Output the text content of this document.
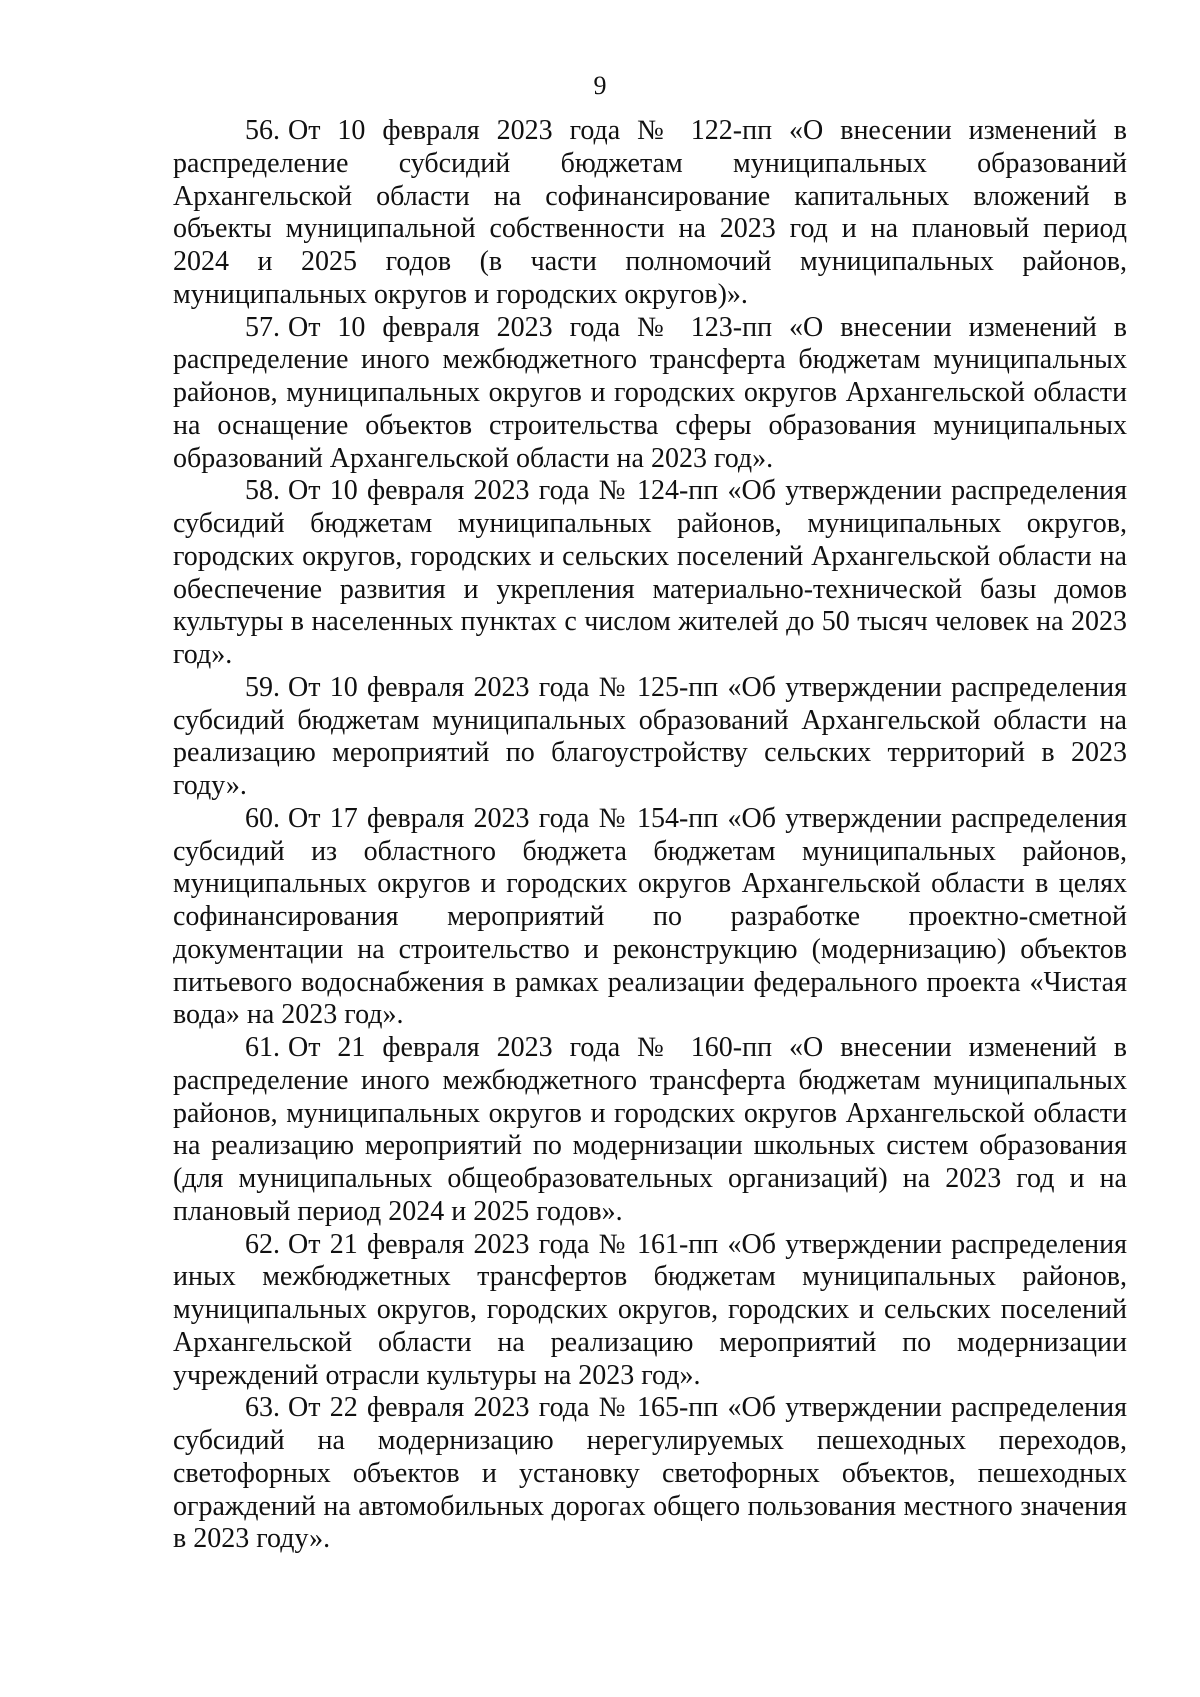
9

56. От 10 февраля 2023 года № 122-пп «О внесении изменений в распределение субсидий бюджетам муниципальных образований Архангельской области на софинансирование капитальных вложений в объекты муниципальной собственности на 2023 год и на плановый период 2024 и 2025 годов (в части полномочий муниципальных районов, муниципальных округов и городских округов)».

57. От 10 февраля 2023 года № 123-пп «О внесении изменений в распределение иного межбюджетного трансферта бюджетам муниципальных районов, муниципальных округов и городских округов Архангельской области на оснащение объектов строительства сферы образования муниципальных образований Архангельской области на 2023 год».

58. От 10 февраля 2023 года № 124-пп «Об утверждении распределения субсидий бюджетам муниципальных районов, муниципальных округов, городских округов, городских и сельских поселений Архангельской области на обеспечение развития и укрепления материально-технической базы домов культуры в населенных пунктах с числом жителей до 50 тысяч человек на 2023 год».

59. От 10 февраля 2023 года № 125-пп «Об утверждении распределения субсидий бюджетам муниципальных образований Архангельской области на реализацию мероприятий по благоустройству сельских территорий в 2023 году».

60. От 17 февраля 2023 года № 154-пп «Об утверждении распределения субсидий из областного бюджета бюджетам муниципальных районов, муниципальных округов и городских округов Архангельской области в целях софинансирования мероприятий по разработке проектно-сметной документации на строительство и реконструкцию (модернизацию) объектов питьевого водоснабжения в рамках реализации федерального проекта «Чистая вода» на 2023 год».

61. От 21 февраля 2023 года № 160-пп «О внесении изменений в распределение иного межбюджетного трансферта бюджетам муниципальных районов, муниципальных округов и городских округов Архангельской области на реализацию мероприятий по модернизации школьных систем образования (для муниципальных общеобразовательных организаций) на 2023 год и на плановый период 2024 и 2025 годов».

62. От 21 февраля 2023 года № 161-пп «Об утверждении распределения иных межбюджетных трансфертов бюджетам муниципальных районов, муниципальных округов, городских округов, городских и сельских поселений Архангельской области на реализацию мероприятий по модернизации учреждений отрасли культуры на 2023 год».

63. От 22 февраля 2023 года № 165-пп «Об утверждении распределения субсидий на модернизацию нерегулируемых пешеходных переходов, светофорных объектов и установку светофорных объектов, пешеходных ограждений на автомобильных дорогах общего пользования местного значения в 2023 году».
